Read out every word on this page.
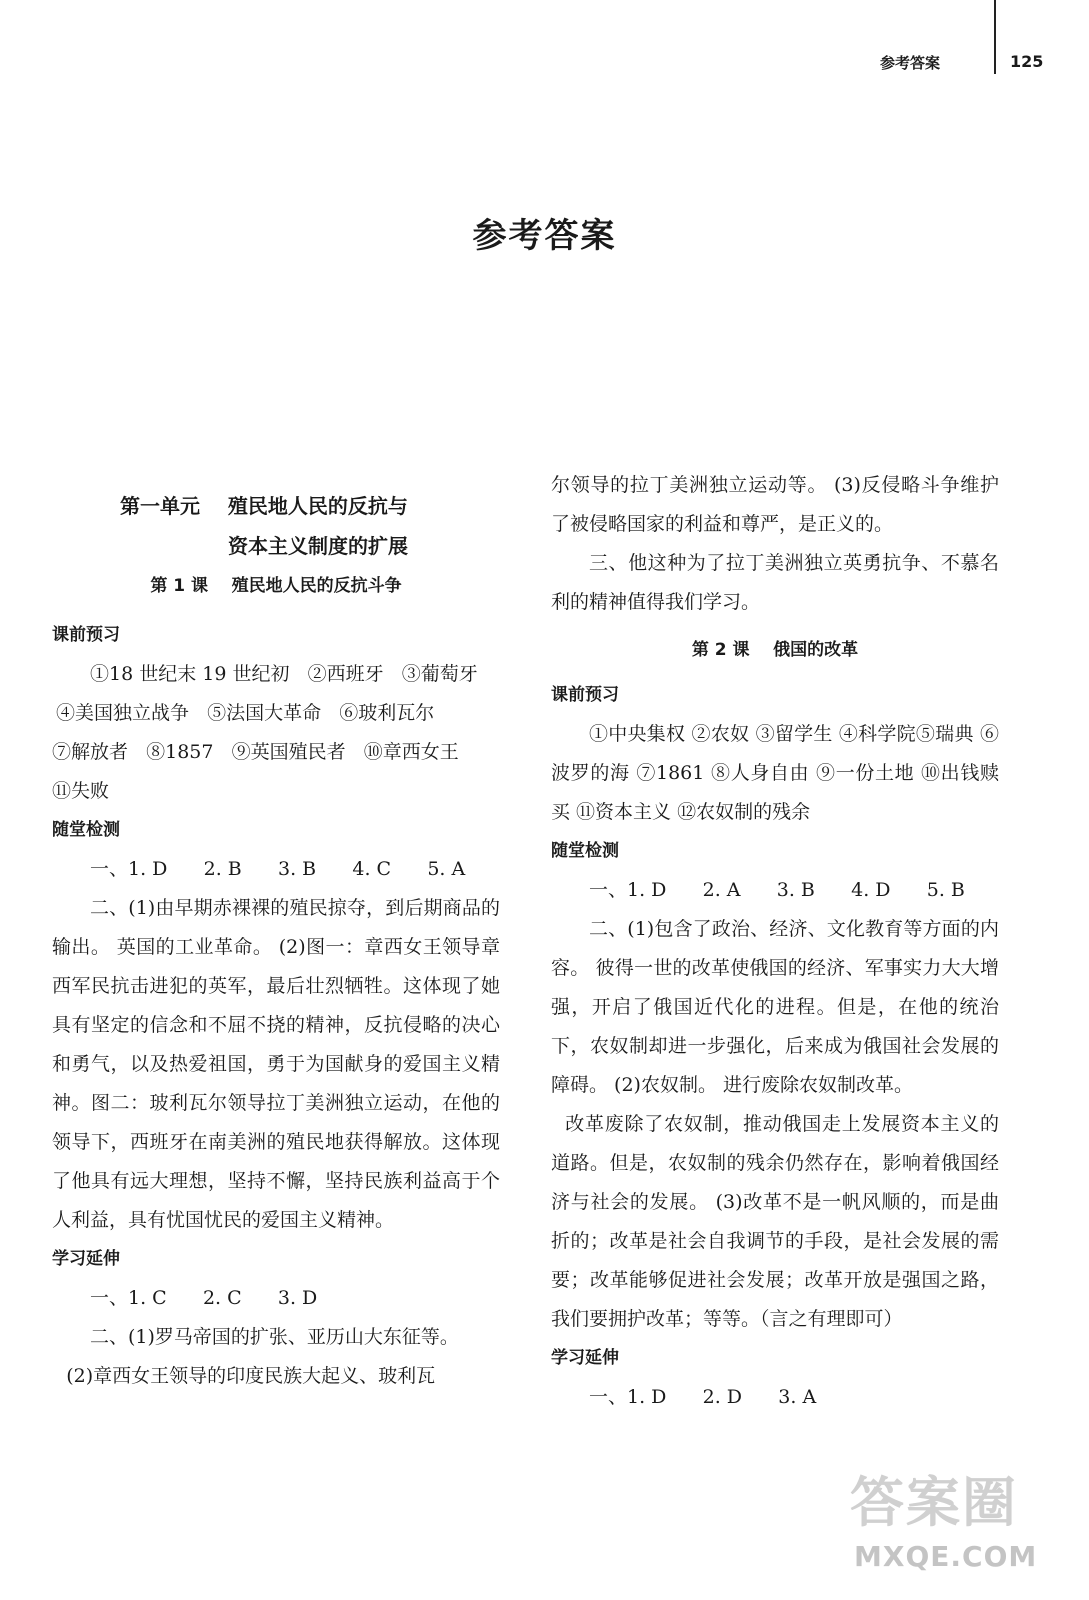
参考答案	125
参考答案
第一单元    殖民地人民的反抗与
资本主义制度的扩展
第 1 课    殖民地人民的反抗斗争

课前预习

①18 世纪末 19 世纪初   ②西班牙   ③葡萄牙

④美国独立战争   ⑤法国大革命   ⑥玻利瓦尔

⑦解放者   ⑧1857   ⑨英国殖民者   ⑩章西女王

⑪失败

随堂检测

一、1. D      2. B      3. B      4. C      5. A

二、(1)由早期赤裸裸的殖民掠夺，到后期商品的输出。 英国的工业革命。 (2)图一：章西女王领导章西军民抗击进犯的英军，最后壮烈牺牲。这体现了她具有坚定的信念和不屈不挠的精神，反抗侵略的决心和勇气，以及热爱祖国，勇于为国献身的爱国主义精神。图二：玻利瓦尔领导拉丁美洲独立运动，在他的领导下，西班牙在南美洲的殖民地获得解放。这体现了他具有远大理想，坚持不懈，坚持民族利益高于个人利益，具有忧国忧民的爱国主义精神。

学习延伸

一、1. C      2. C      3. D

二、(1)罗马帝国的扩张、亚历山大东征等。

(2)章西女王领导的印度民族大起义、玻利瓦

尔领导的拉丁美洲独立运动等。 (3)反侵略斗争维护了被侵略国家的利益和尊严，是正义的。

三、他这种为了拉丁美洲独立英勇抗争、不慕名利的精神值得我们学习。

第 2 课    俄国的改革

课前预习

①中央集权 ②农奴 ③留学生 ④科学院⑤瑞典 ⑥波罗的海 ⑦1861 ⑧人身自由 ⑨一份土地 ⑩出钱赎买 ⑪资本主义 ⑫农奴制的残余

随堂检测

一、1. D      2. A      3. B      4. D      5. B

二、(1)包含了政治、经济、文化教育等方面的内容。 彼得一世的改革使俄国的经济、军事实力大大增强，开启了俄国近代化的进程。但是，在他的统治下，农奴制却进一步强化，后来成为俄国社会发展的障碍。 (2)农奴制。 进行废除农奴制改革。

改革废除了农奴制，推动俄国走上发展资本主义的道路。但是，农奴制的残余仍然存在，影响着俄国经济与社会的发展。 (3)改革不是一帆风顺的，而是曲折的；改革是社会自我调节的手段，是社会发展的需要；改革能够促进社会发展；改革开放是强国之路，我们要拥护改革；等等。（言之有理即可）

学习延伸

一、1. D      2. D      3. A

答案圈
MXQE.COM
